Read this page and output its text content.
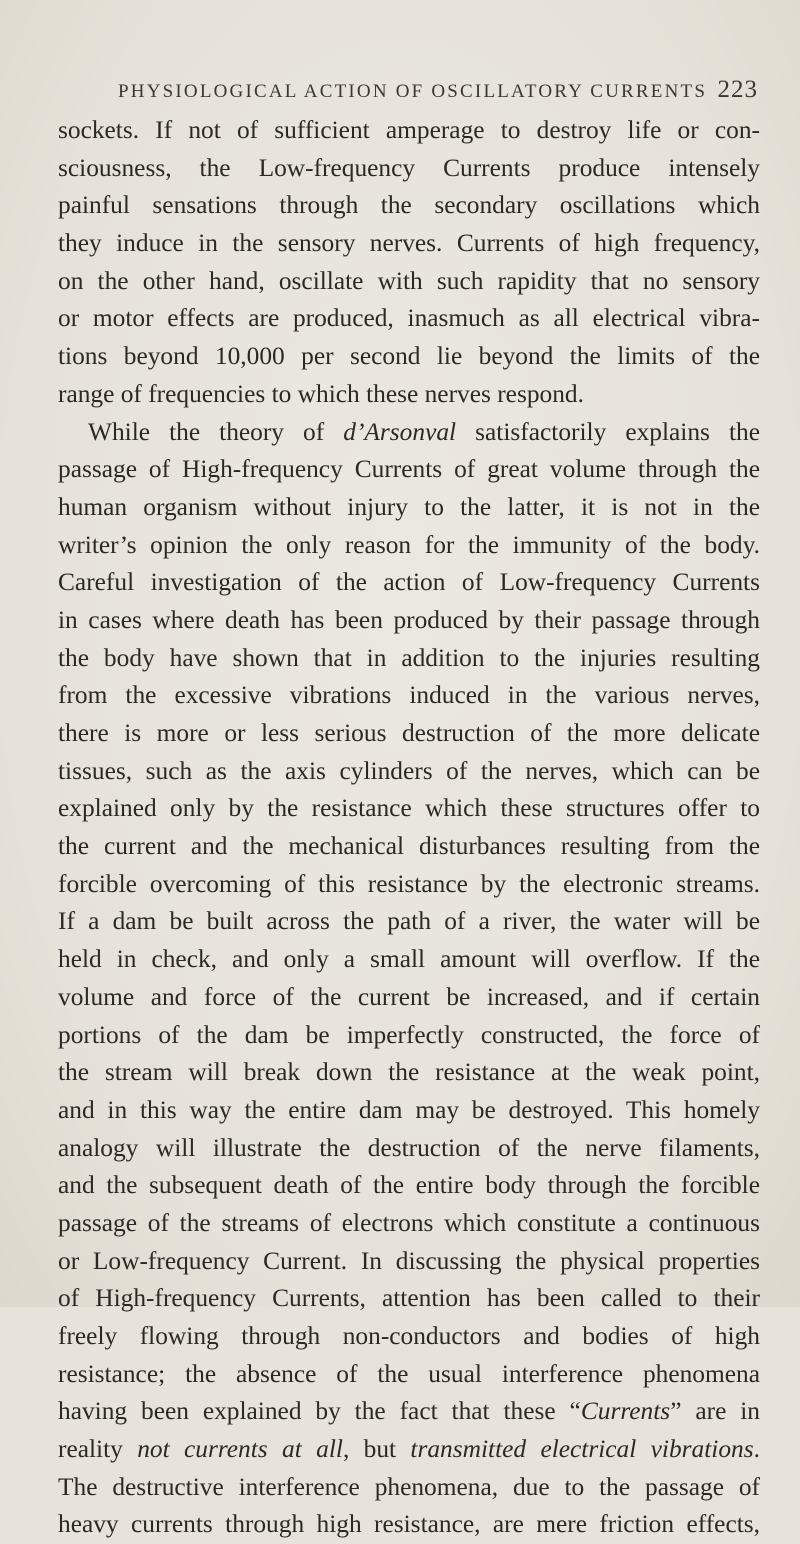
PHYSIOLOGICAL ACTION OF OSCILLATORY CURRENTS 223
sockets. If not of sufficient amperage to destroy life or con-
sciousness, the Low-frequency Currents produce intensely
painful sensations through the secondary oscillations which
they induce in the sensory nerves. Currents of high frequency,
on the other hand, oscillate with such rapidity that no sensory
or motor effects are produced, inasmuch as all electrical vibra-
tions beyond 10,000 per second lie beyond the limits of the
range of frequencies to which these nerves respond.
While the theory of d’Arsonval satisfactorily explains the
passage of High-frequency Currents of great volume through the
human organism without injury to the latter, it is not in the
writer’s opinion the only reason for the immunity of the body.
Careful investigation of the action of Low-frequency Currents
in cases where death has been produced by their passage through
the body have shown that in addition to the injuries resulting
from the excessive vibrations induced in the various nerves,
there is more or less serious destruction of the more delicate
tissues, such as the axis cylinders of the nerves, which can be
explained only by the resistance which these structures offer to
the current and the mechanical disturbances resulting from the
forcible overcoming of this resistance by the electronic streams.
If a dam be built across the path of a river, the water will be
held in check, and only a small amount will overflow. If the
volume and force of the current be increased, and if certain
portions of the dam be imperfectly constructed, the force of
the stream will break down the resistance at the weak point,
and in this way the entire dam may be destroyed. This homely
analogy will illustrate the destruction of the nerve filaments,
and the subsequent death of the entire body through the forcible
passage of the streams of electrons which constitute a continuous
or Low-frequency Current. In discussing the physical properties
of High-frequency Currents, attention has been called to their
freely flowing through non-conductors and bodies of high
resistance; the absence of the usual interference phenomena
having been explained by the fact that these “Currents” are in
reality not currents at all, but transmitted electrical vibrations.
The destructive interference phenomena, due to the passage of
heavy currents through high resistance, are mere friction effects,
